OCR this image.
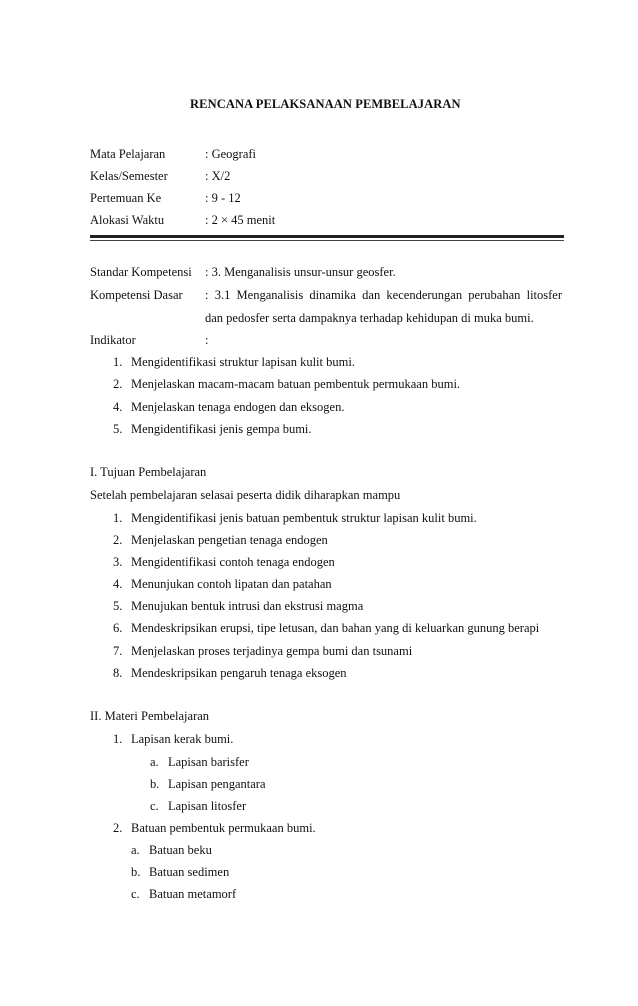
RENCANA PELAKSANAAN PEMBELAJARAN
Mata Pelajaran	: Geografi
Kelas/Semester	: X/2
Pertemuan Ke	: 9 - 12
Alokasi Waktu	: 2 × 45 menit
Standar Kompetensi : 3. Menganalisis unsur-unsur geosfer.
Kompetensi Dasar : 3.1 Menganalisis dinamika dan kecenderungan perubahan litosfer
dan pedosfer serta dampaknya terhadap kehidupan di muka bumi.
Indikator	:
1. Mengidentifikasi struktur lapisan kulit bumi.
2. Menjelaskan macam-macam batuan pembentuk permukaan bumi.
4. Menjelaskan tenaga endogen dan eksogen.
5. Mengidentifikasi jenis gempa bumi.
I. Tujuan Pembelajaran
Setelah pembelajaran selasai peserta didik diharapkan mampu
1. Mengidentifikasi jenis batuan pembentuk struktur lapisan kulit bumi.
2. Menjelaskan pengetian tenaga endogen
3. Mengidentifikasi contoh tenaga endogen
4. Menunjukan contoh lipatan dan patahan
5. Menujukan bentuk intrusi dan ekstrusi magma
6. Mendeskripsikan erupsi, tipe letusan, dan bahan yang di keluarkan gunung berapi
7. Menjelaskan proses terjadinya gempa bumi dan tsunami
8. Mendeskripsikan pengaruh tenaga eksogen
II. Materi Pembelajaran
1. Lapisan kerak bumi.
a. Lapisan barisfer
b. Lapisan pengantara
c. Lapisan litosfer
2. Batuan pembentuk permukaan bumi.
a. Batuan beku
b. Batuan sedimen
c. Batuan metamorf
